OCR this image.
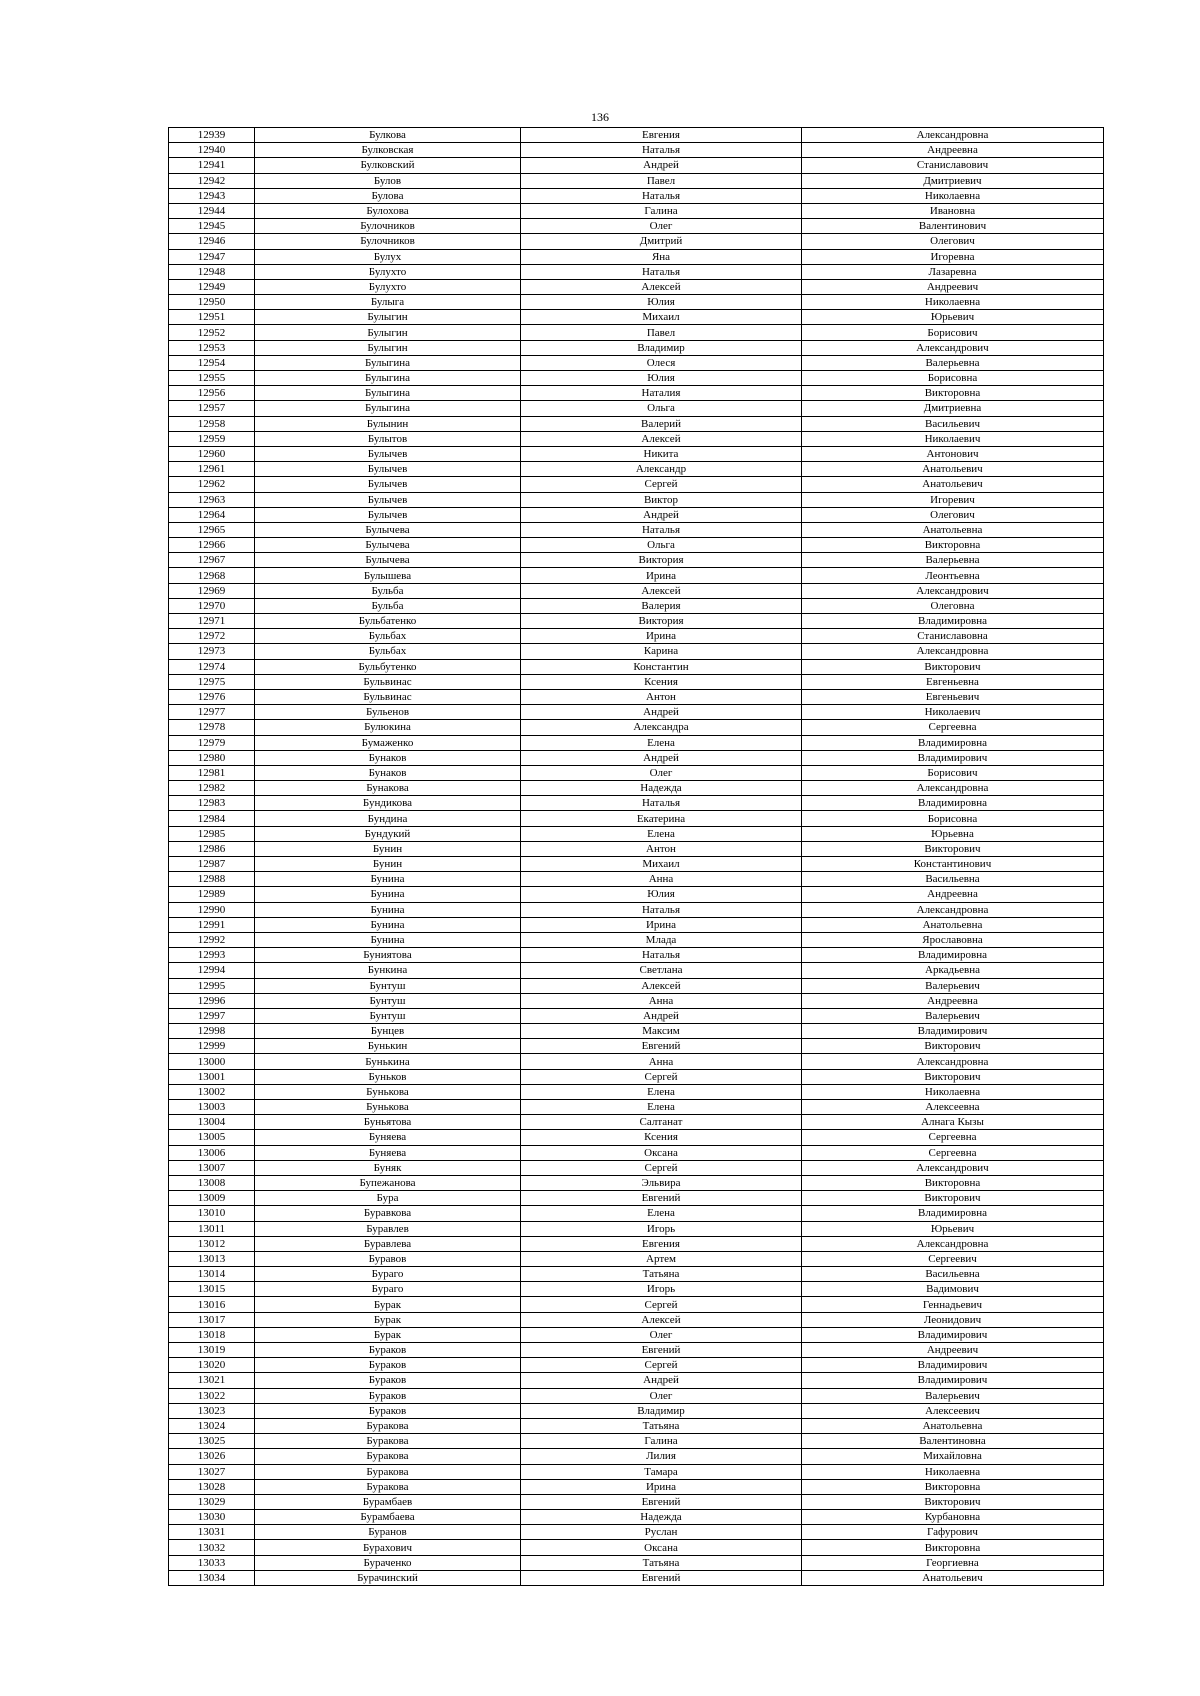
136
12939	Булкова	Евгения	Александровна
12940	Булковская	Наталья	Андреевна
12941	Булковский	Андрей	Станиславович
12942	Булов	Павел	Дмитриевич
12943	Булова	Наталья	Николаевна
12944	Булохова	Галина	Ивановна
12945	Булочников	Олег	Валентинович
12946	Булочников	Дмитрий	Олегович
12947	Булух	Яна	Игоревна
12948	Булухто	Наталья	Лазаревна
12949	Булухто	Алексей	Андреевич
12950	Булыга	Юлия	Николаевна
12951	Булыгин	Михаил	Юрьевич
12952	Булыгин	Павел	Борисович
12953	Булыгин	Владимир	Александрович
12954	Булыгина	Олеся	Валерьевна
12955	Булыгина	Юлия	Борисовна
12956	Булыгина	Наталия	Викторовна
12957	Булыгина	Ольга	Дмитриевна
12958	Булынин	Валерий	Васильевич
12959	Булытов	Алексей	Николаевич
12960	Булычев	Никита	Антонович
12961	Булычев	Александр	Анатольевич
12962	Булычев	Сергей	Анатольевич
12963	Булычев	Виктор	Игоревич
12964	Булычев	Андрей	Олегович
12965	Булычева	Наталья	Анатольевна
12966	Булычева	Ольга	Викторовна
12967	Булычева	Виктория	Валерьевна
12968	Булышева	Ирина	Леонтьевна
12969	Бульба	Алексей	Александрович
12970	Бульба	Валерия	Олеговна
12971	Бульбатенко	Виктория	Владимировна
12972	Бульбах	Ирина	Станиславовна
12973	Бульбах	Карина	Александровна
12974	Бульбутенко	Константин	Викторович
12975	Бульвинас	Ксения	Евгеньевна
12976	Бульвинас	Антон	Евгеньевич
12977	Бульенов	Андрей	Николаевич
12978	Булюкина	Александра	Сергеевна
12979	Бумаженко	Елена	Владимировна
12980	Бунаков	Андрей	Владимирович
12981	Бунаков	Олег	Борисович
12982	Бунакова	Надежда	Александровна
12983	Бундикова	Наталья	Владимировна
12984	Бундина	Екатерина	Борисовна
12985	Бундукий	Елена	Юрьевна
12986	Бунин	Антон	Викторович
12987	Бунин	Михаил	Константинович
12988	Бунина	Анна	Васильевна
12989	Бунина	Юлия	Андреевна
12990	Бунина	Наталья	Александровна
12991	Бунина	Ирина	Анатольевна
12992	Бунина	Млада	Ярославовна
12993	Буниятова	Наталья	Владимировна
12994	Бункина	Светлана	Аркадьевна
12995	Бунтуш	Алексей	Валерьевич
12996	Бунтуш	Анна	Андреевна
12997	Бунтуш	Андрей	Валерьевич
12998	Бунцев	Максим	Владимирович
12999	Бунькин	Евгений	Викторович
13000	Бунькина	Анна	Александровна
13001	Буньков	Сергей	Викторович
13002	Бунькова	Елена	Николаевна
13003	Бунькова	Елена	Алексеевна
13004	Буньятова	Салтанат	Алнага Кызы
13005	Буняева	Ксения	Сергеевна
13006	Буняева	Оксана	Сергеевна
13007	Буняк	Сергей	Александрович
13008	Бупежанова	Эльвира	Викторовна
13009	Бура	Евгений	Викторович
13010	Буравкова	Елена	Владимировна
13011	Буравлев	Игорь	Юрьевич
13012	Буравлева	Евгения	Александровна
13013	Буравов	Артем	Сергеевич
13014	Бураго	Татьяна	Васильевна
13015	Бураго	Игорь	Вадимович
13016	Бурак	Сергей	Геннадьевич
13017	Бурак	Алексей	Леонидович
13018	Бурак	Олег	Владимирович
13019	Бураков	Евгений	Андреевич
13020	Бураков	Сергей	Владимирович
13021	Бураков	Андрей	Владимирович
13022	Бураков	Олег	Валерьевич
13023	Бураков	Владимир	Алексеевич
13024	Буракова	Татьяна	Анатольевна
13025	Буракова	Галина	Валентиновна
13026	Буракова	Лилия	Михайловна
13027	Буракова	Тамара	Николаевна
13028	Буракова	Ирина	Викторовна
13029	Бурамбаев	Евгений	Викторович
13030	Бурамбаева	Надежда	Курбановна
13031	Буранов	Руслан	Гафурович
13032	Бурахович	Оксана	Викторовна
13033	Бураченко	Татьяна	Георгиевна
13034	Бурачинский	Евгений	Анатольевич
